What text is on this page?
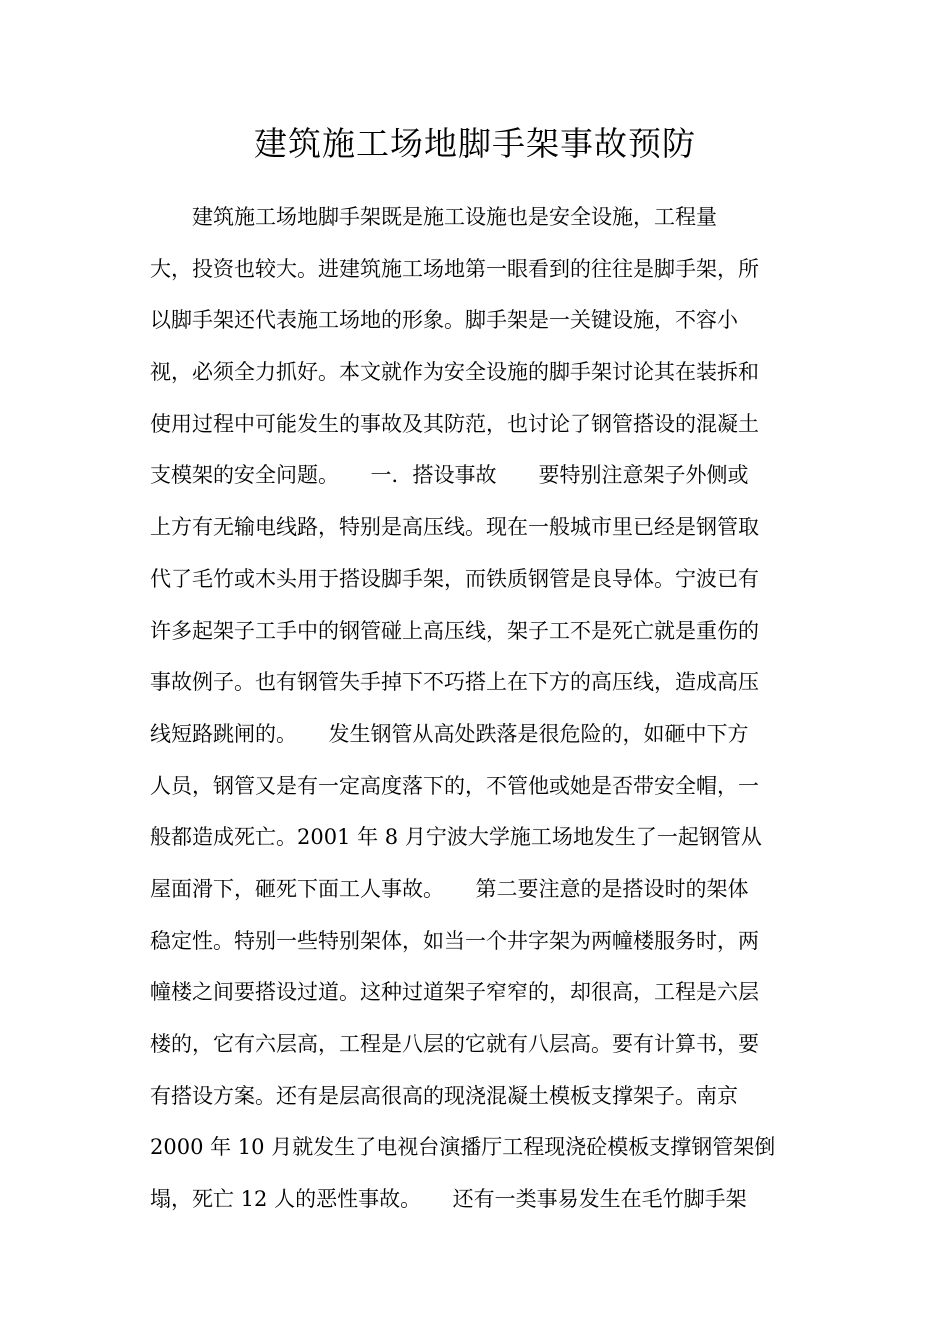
建筑施工场地脚手架事故预防
　　建筑施工场地脚手架既是施工设施也是安全设施，工程量
大，投资也较大。进建筑施工场地第一眼看到的往往是脚手架，所
以脚手架还代表施工场地的形象。脚手架是一关键设施，不容小
视，必须全力抓好。本文就作为安全设施的脚手架讨论其在装拆和
使用过程中可能发生的事故及其防范，也讨论了钢管搭设的混凝土
支模架的安全问题。　　一．搭设事故　　要特别注意架子外侧或
上方有无输电线路，特别是高压线。现在一般城市里已经是钢管取
代了毛竹或木头用于搭设脚手架，而铁质钢管是良导体。宁波已有
许多起架子工手中的钢管碰上高压线，架子工不是死亡就是重伤的
事故例子。也有钢管失手掉下不巧搭上在下方的高压线，造成高压
线短路跳闸的。　　发生钢管从高处跌落是很危险的，如砸中下方
人员，钢管又是有一定高度落下的，不管他或她是否带安全帽，一
般都造成死亡。2001 年 8 月宁波大学施工场地发生了一起钢管从
屋面滑下，砸死下面工人事故。　　第二要注意的是搭设时的架体
稳定性。特别一些特别架体，如当一个井字架为两幢楼服务时，两
幢楼之间要搭设过道。这种过道架子窄窄的，却很高，工程是六层
楼的，它有六层高，工程是八层的它就有八层高。要有计算书，要
有搭设方案。还有是层高很高的现浇混凝土模板支撑架子。南京
2000 年 10 月就发生了电视台演播厅工程现浇砼模板支撑钢管架倒
塌，死亡 12 人的恶性事故。　　还有一类事易发生在毛竹脚手架
